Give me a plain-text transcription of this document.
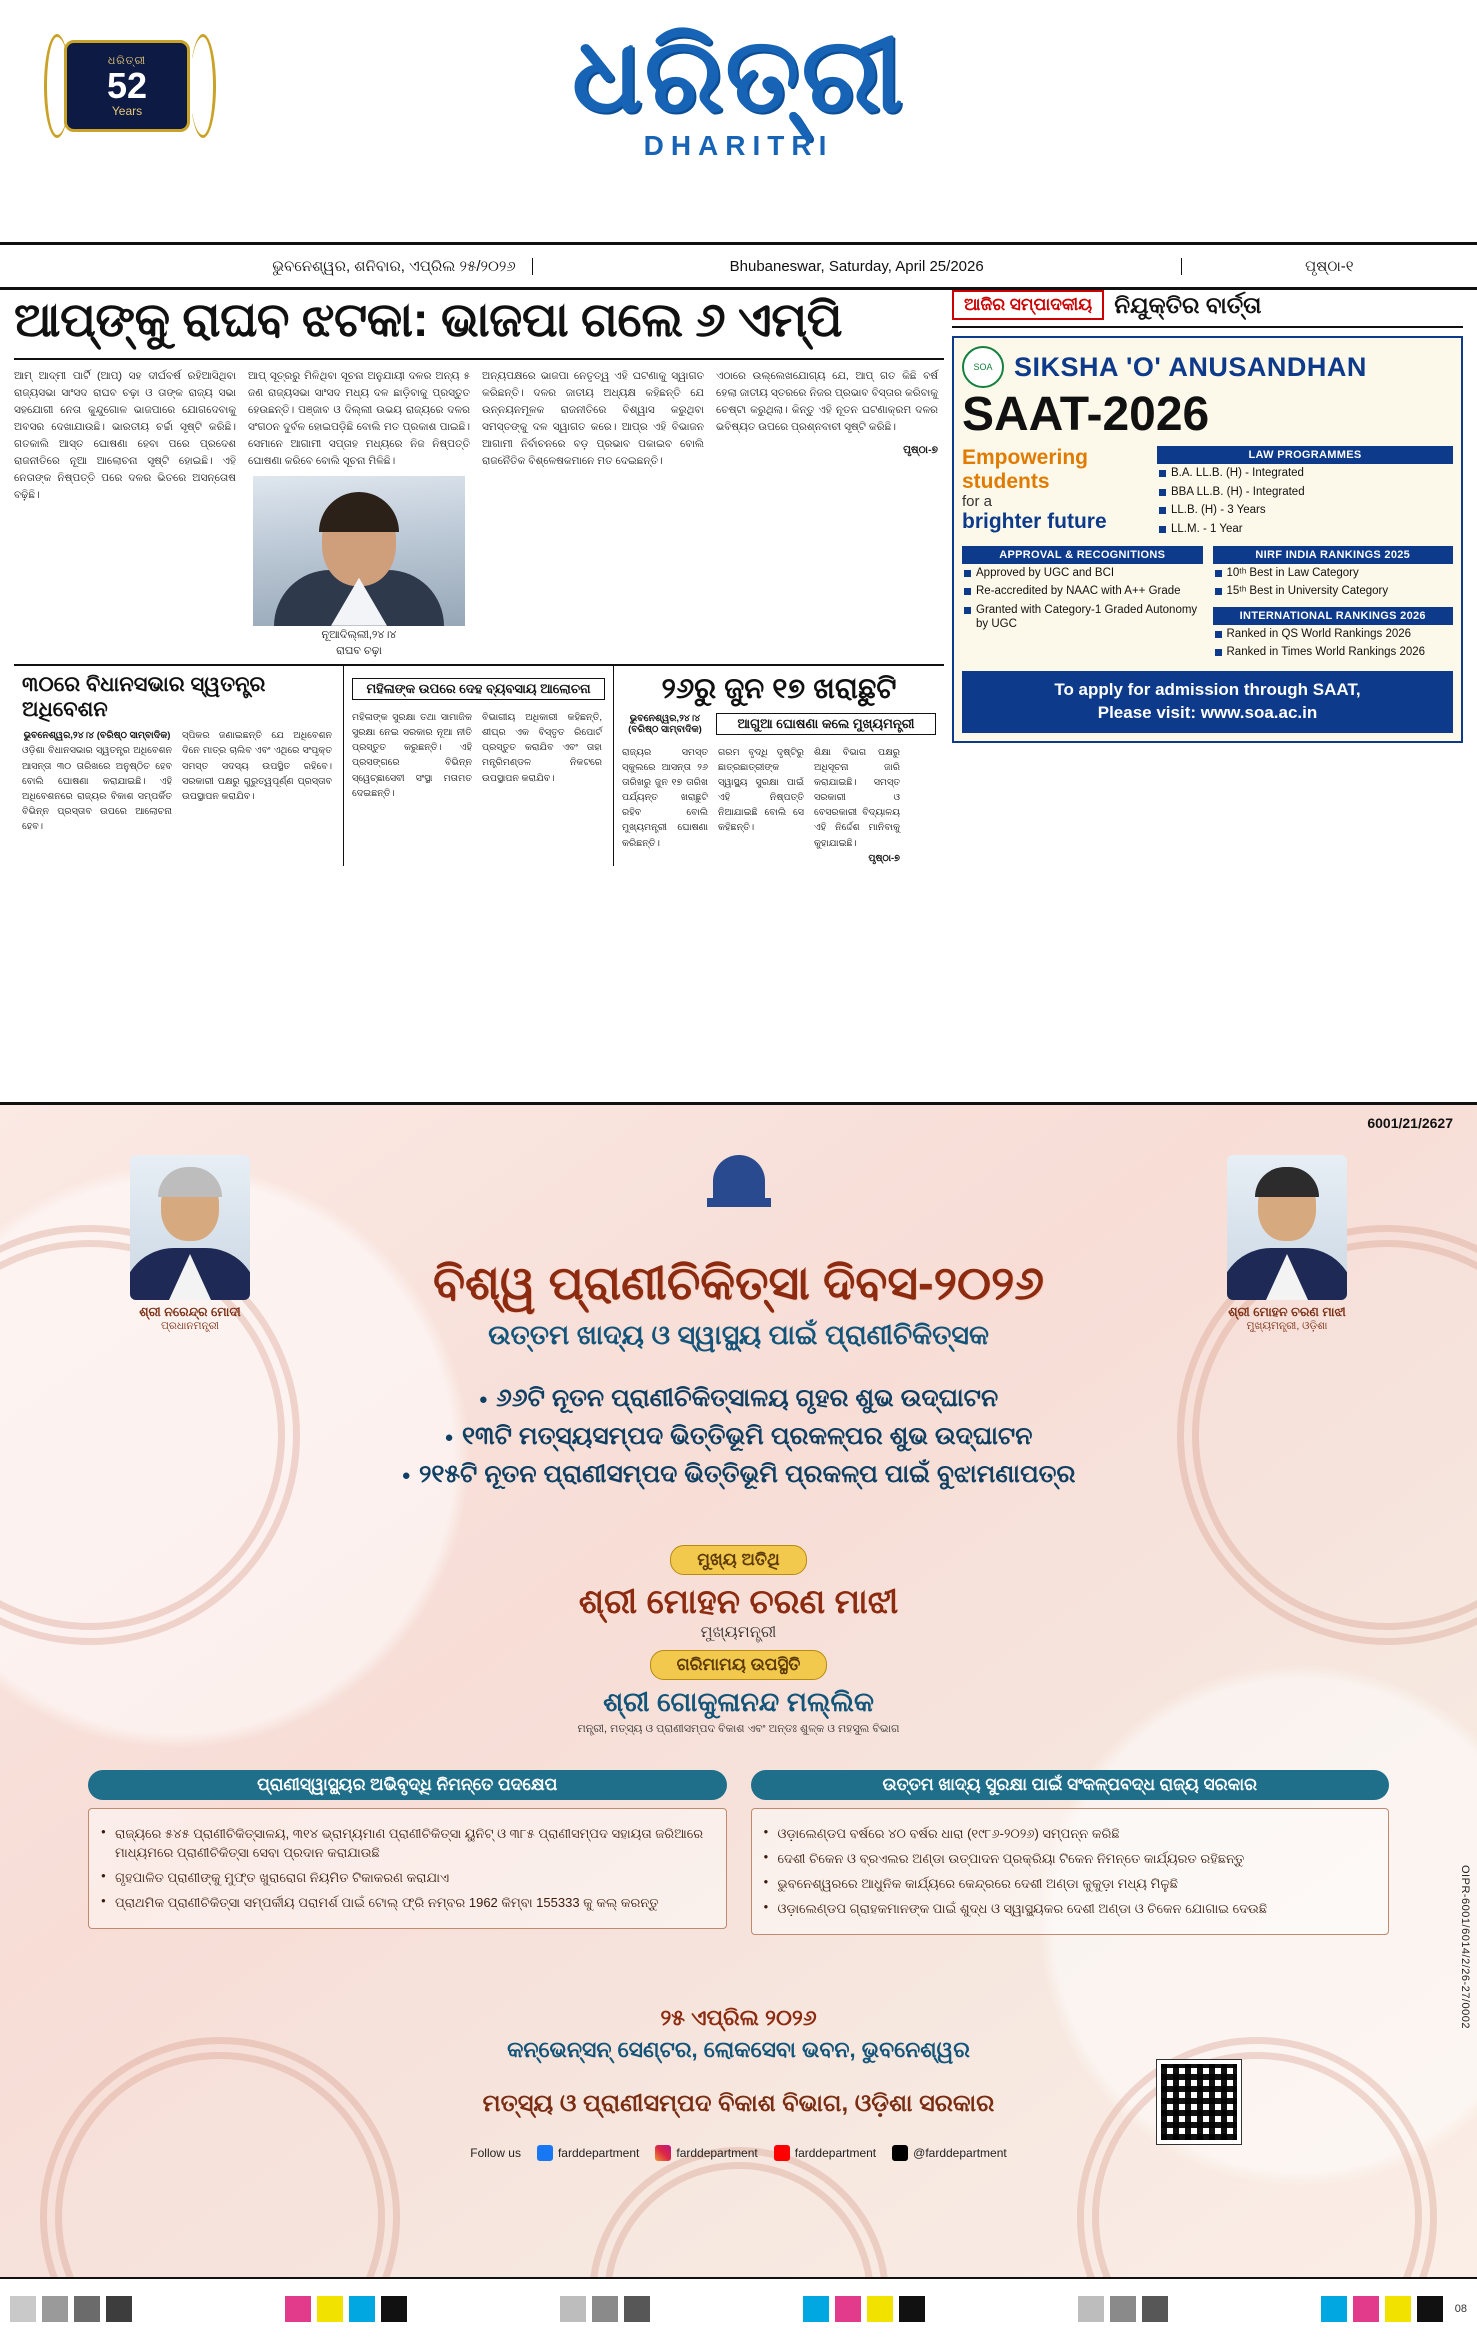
ଧରିତ୍ରୀ
52
Years	ଧରିତ୍ରୀ
DHARITRI
ଭୁବନେଶ୍ୱର, ଶନିବାର, ଏପ୍ରିଲ ୨୫/୨୦୨୬	Bhubaneswar, Saturday, April 25/2026	ପୃଷ୍ଠା-୧
ଆପ୍‌ଙ୍କୁ ରାଘବ ଝଟକା: ଭାଜପା ଗଲେ ୬ ଏମ୍‌ପି

ଆମ୍‌ ଆଦ୍‌ମୀ ପାର୍ଟି (ଆପ୍‌) ସହ ଦୀର୍ଘବର୍ଷ ରହିଆସିଥିବା ରାଜ୍ୟସଭା ସାଂସଦ ରାଘବ ଚଢ଼ା ଓ ତାଙ୍କ ରାଜ୍ୟ ସଭା ସହଯୋଗୀ ନେତା କୁନ୍ଦୁଗୋଳ ଭାଜପାରେ ଯୋଗଦେବାକୁ ଅବସର ଦେଖାଯାଉଛି। ଭାରତୀୟ ଚର୍ଚ୍ଚା ସୃଷ୍ଟି କରିଛି। ଗତକାଲି ଆସ୍ତ ଘୋଷଣା ହେବା ପରେ ପ୍ରଦେଶ ରାଜନୀତିରେ ନୂଆ ଆଲୋଚନା ସୃଷ୍ଟି ହୋଇଛି। ଏହି ନେତାଙ୍କ ନିଷ୍ପତ୍ତି ପରେ ଦଳର ଭିତରେ ଅସନ୍ତୋଷ ବଢ଼ିଛି।

ଆପ୍‌ ସୂତ୍ରରୁ ମିଳିଥିବା ସୂଚନା ଅନୁଯାୟୀ ଦଳର ଅନ୍ୟ ୫ ଜଣ ରାଜ୍ୟସଭା ସାଂସଦ ମଧ୍ୟ ଦଳ ଛାଡ଼ିବାକୁ ପ୍ରସ୍ତୁତ ହେଉଛନ୍ତି। ପଞ୍ଜାବ ଓ ଦିଲ୍ଲୀ ଉଭୟ ରାଜ୍ୟରେ ଦଳର ସଂଗଠନ ଦୁର୍ବଳ ହୋଇପଡ଼ିଛି ବୋଲି ମତ ପ୍ରକାଶ ପାଇଛି। ସେମାନେ ଆଗାମୀ ସପ୍ତାହ ମଧ୍ୟରେ ନିଜ ନିଷ୍ପତ୍ତି ଘୋଷଣା କରିବେ ବୋଲି ସୂଚନା ମିଳିଛି।

ନୂଆଦିଲ୍ଲୀ,୨୪।୪
ରାଘବ ଚଢ଼ା

ଅନ୍ୟପକ୍ଷରେ ଭାଜପା ନେତୃତ୍ୱ ଏହି ଘଟଣାକୁ ସ୍ୱାଗତ କରିଛନ୍ତି। ଦଳର ଜାତୀୟ ଅଧ୍ୟକ୍ଷ କହିଛନ୍ତି ଯେ ଉନ୍ନୟନମୂଳକ ରାଜନୀତିରେ ବିଶ୍ୱାସ କରୁଥିବା ସମସ୍ତଙ୍କୁ ଦଳ ସ୍ୱାଗତ କରେ। ଆପ୍‌ର ଏହି ବିଭାଜନ ଆଗାମୀ ନିର୍ବାଚନରେ ବଡ଼ ପ୍ରଭାବ ପକାଇବ ବୋଲି ରାଜନୈତିକ ବିଶ୍ଳେଷକମାନେ ମତ ଦେଇଛନ୍ତି।

ଏଠାରେ ଉଲ୍ଲେଖଯୋଗ୍ୟ ଯେ, ଆପ୍‌ ଗତ କିଛି ବର୍ଷ ହେଲା ଜାତୀୟ ସ୍ତରରେ ନିଜର ପ୍ରଭାବ ବିସ୍ତାର କରିବାକୁ ଚେଷ୍ଟା କରୁଥିଲା। କିନ୍ତୁ ଏହି ନୂତନ ଘଟଣାକ୍ରମ ଦଳର ଭବିଷ୍ୟତ ଉପରେ ପ୍ରଶ୍ନବାଚୀ ସୃଷ୍ଟି କରିଛି।

ପୃଷ୍ଠା-୭

୩୦ରେ ବିଧାନସଭାର ସ୍ୱତନ୍ତ୍ର ଅଧିବେଶନ
ଭୁବନେଶ୍ୱର,୨୪।୪ (ବରିଷ୍ଠ ସାମ୍ବାଦିକ)
ଓଡ଼ିଶା ବିଧାନସଭାର ସ୍ୱତନ୍ତ୍ର ଅଧିବେଶନ ଆସନ୍ତା ୩୦ ତାରିଖରେ ଅନୁଷ୍ଠିତ ହେବ ବୋଲି ଘୋଷଣା କରାଯାଇଛି। ଏହି ଅଧିବେଶନରେ ରାଜ୍ୟର ବିକାଶ ସମ୍ପର୍କିତ ବିଭିନ୍ନ ପ୍ରସ୍ତାବ ଉପରେ ଆଲୋଚନା ହେବ।
ସ୍ପିକର ଜଣାଇଛନ୍ତି ଯେ ଅଧିବେଶନ ଦିନେ ମାତ୍ର ଚାଲିବ ଏବଂ ଏଥିରେ ସଂପୃକ୍ତ ସମସ୍ତ ସଦସ୍ୟ ଉପସ୍ଥିତ ରହିବେ। ସରକାରୀ ପକ୍ଷରୁ ଗୁରୁତ୍ୱପୂର୍ଣ୍ଣ ପ୍ରସ୍ତାବ ଉପସ୍ଥାପନ କରାଯିବ।
ମହିଳାଙ୍କ ଉପରେ ଦେହ ବ୍ୟବସାୟ ଆଲୋଚନା
ମହିଳାଙ୍କ ସୁରକ୍ଷା ତଥା ସାମାଜିକ ସୁରକ୍ଷା ନେଇ ସରକାର ନୂଆ ନୀତି ପ୍ରସ୍ତୁତ କରୁଛନ୍ତି। ଏହି ପ୍ରସଙ୍ଗରେ ବିଭିନ୍ନ ସ୍ୱେଚ୍ଛାସେବୀ ସଂସ୍ଥା ମତାମତ ଦେଇଛନ୍ତି।
ବିଭାଗୀୟ ଅଧିକାରୀ କହିଛନ୍ତି, ଶୀଘ୍ର ଏକ ବିସ୍ତୃତ ରିପୋର୍ଟ ପ୍ରସ୍ତୁତ କରାଯିବ ଏବଂ ତାହା ମନ୍ତ୍ରିମଣ୍ଡଳ ନିକଟରେ ଉପସ୍ଥାପନ କରାଯିବ।
୨୬ରୁ ଜୁନ ୧୭ ଖରାଛୁଟି
ଭୁବନେଶ୍ୱର,୨୪।୪ (ବରିଷ୍ଠ ସାମ୍ବାଦିକ)	ଆଗୁଆ ଘୋଷଣା କଲେ ମୁଖ୍ୟମନ୍ତ୍ରୀ
ରାଜ୍ୟର ସମସ୍ତ ସ୍କୁଲରେ ଆସନ୍ତା ୨୬ ତାରିଖରୁ ଜୁନ ୧୭ ତାରିଖ ପର୍ଯ୍ୟନ୍ତ ଖରାଛୁଟି ରହିବ ବୋଲି ମୁଖ୍ୟମନ୍ତ୍ରୀ ଘୋଷଣା କରିଛନ୍ତି।
ଗରମ ବୃଦ୍ଧି ଦୃଷ୍ଟିରୁ ଛାତ୍ରଛାତ୍ରୀଙ୍କ ସ୍ୱାସ୍ଥ୍ୟ ସୁରକ୍ଷା ପାଇଁ ଏହି ନିଷ୍ପତ୍ତି ନିଆଯାଇଛି ବୋଲି ସେ କହିଛନ୍ତି।
ଶିକ୍ଷା ବିଭାଗ ପକ୍ଷରୁ ଅଧିସୂଚନା ଜାରି କରାଯାଇଛି। ସମସ୍ତ ସରକାରୀ ଓ ବେସରକାରୀ ବିଦ୍ୟାଳୟ ଏହି ନିର୍ଦ୍ଦେଶ ମାନିବାକୁ କୁହାଯାଇଛି।
ପୃଷ୍ଠା-୭
ଆଜିର ସମ୍ପାଦକୀୟ ନିଯୁକ୍ତିର ବାର୍ତ୍ତା
SOA SIKSHA 'O' ANUSANDHAN
SAAT-2026
Empowering
students
for a
brighter future
LAW PROGRAMMES
B.A. LL.B. (H) - Integrated
BBA LL.B. (H) - Integrated
LL.B. (H) - 3 Years
LL.M. - 1 Year
APPROVAL & RECOGNITIONS
Approved by UGC and BCI
Re-accredited by NAAC with A++ Grade
Granted with Category-1 Graded Autonomy by UGC
NIRF INDIA RANKINGS 2025
10ᵗʰ Best in Law Category
15ᵗʰ Best in University Category
INTERNATIONAL RANKINGS 2026
Ranked in QS World Rankings 2026
Ranked in Times World Rankings 2026
To apply for admission through SAAT,
Please visit: www.soa.ac.in
6001/21/2627
OIPR-6001/6014/2/26-27/0002
ଶ୍ରୀ ନରେନ୍ଦ୍ର ମୋଦୀ
ପ୍ରଧାନମନ୍ତ୍ରୀ
ଶ୍ରୀ ମୋହନ ଚରଣ ମାଝୀ
ମୁଖ୍ୟମନ୍ତ୍ରୀ, ଓଡ଼ିଶା
ବିଶ୍ୱ ପ୍ରାଣୀଚିକିତ୍ସା ଦିବସ-୨୦୨୬
ଉତ୍ତମ ଖାଦ୍ୟ ଓ ସ୍ୱାସ୍ଥ୍ୟ ପାଇଁ ପ୍ରାଣୀଚିକିତ୍ସକ
●  ୬୬ଟି ନୂତନ ପ୍ରାଣୀଚିକିତ୍ସାଳୟ ଗୃହର ଶୁଭ ଉଦ୍‌ଘାଟନ
●  ୧୩ଟି ମତ୍ସ୍ୟସମ୍ପଦ ଭିତ୍ତିଭୂମି ପ୍ରକଳ୍ପର ଶୁଭ ଉଦ୍‌ଘାଟନ
●  ୨୧୫ଟି ନୂତନ ପ୍ରାଣୀସମ୍ପଦ ଭିତ୍ତିଭୂମି ପ୍ରକଳ୍ପ ପାଇଁ ବୁଝାମଣାପତ୍ର
ମୁଖ୍ୟ ଅତିଥି
ଶ୍ରୀ ମୋହନ ଚରଣ ମାଝୀ
ମୁଖ୍ୟମନ୍ତ୍ରୀ
ଗରିମାମୟ ଉପସ୍ଥିତି
ଶ୍ରୀ ଗୋକୁଳାନନ୍ଦ ମଲ୍ଲିକ
ମନ୍ତ୍ରୀ, ମତ୍ସ୍ୟ ଓ ପ୍ରାଣୀସମ୍ପଦ ବିକାଶ ଏବଂ ଅନ୍ତଃ ଶୁଳ୍କ ଓ ମହସୁଲ ବିଭାଗ
ପ୍ରାଣୀସ୍ୱାସ୍ଥ୍ୟର ଅଭିବୃଦ୍ଧି ନିମନ୍ତେ ପଦକ୍ଷେପ
● ରାଜ୍ୟରେ ୫୪୫ ପ୍ରାଣୀଚିକିତ୍ସାଳୟ, ୩୧୪ ଭ୍ରାମ୍ୟମାଣ ପ୍ରାଣୀଚିକିତ୍ସା ୟୁନିଟ୍ ଓ ୩୮୫ ପ୍ରାଣୀସମ୍ପଦ ସହାୟତା ଜରିଆରେ ମାଧ୍ୟମରେ ପ୍ରାଣୀଚିକିତ୍ସା ସେବା ପ୍ରଦାନ କରାଯାଉଛି
● ଗୃହପାଳିତ ପ୍ରାଣୀଙ୍କୁ ମୁଫ୍ତ ଖୁରାରୋଗ ନିୟମିତ ଟିକାକରଣ କରାଯାଏ
● ପ୍ରାଥମିକ ପ୍ରାଣୀଚିକିତ୍ସା ସମ୍ପର୍କୀୟ ପରାମର୍ଶ ପାଇଁ ଟୋଲ୍ ଫ୍ରି ନମ୍ବର 1962 କିମ୍ବା 155333 କୁ କଲ୍ କରନ୍ତୁ
ଉତ୍ତମ ଖାଦ୍ୟ ସୁରକ୍ଷା ପାଇଁ ସଂକଳ୍ପବଦ୍ଧ ରାଜ୍ୟ ସରକାର
● ଓଡ଼ାଲେଣ୍ଡପ ବର୍ଷରେ ୪୦ ବର୍ଷର ଧାରା (୧୯୮୬-୨୦୨୬) ସମ୍ପନ୍ନ କରିଛି
● ଦେଶୀ ଚିକେନ ଓ ବ୍ରଏଲର ଅଣ୍ଡା ଉତ୍ପାଦନ ପ୍ରକ୍ରିୟା ଟିକେନ ନିମନ୍ତେ କାର୍ଯ୍ୟରତ ରହିଛନ୍ତୁ
● ଭୁବନେଶ୍ୱରରେ ଆଧୁନିକ କାର୍ଯ୍ୟରେ କେନ୍ଦ୍ରରେ ଦେଶୀ ଅଣ୍ଡା କୁକୁଡ଼ା ମଧ୍ୟ ମିଳୁଛି
● ଓଡ଼ାଲେଣ୍ଡପ ଗ୍ରାହକମାନଙ୍କ ପାଇଁ ଶୁଦ୍ଧ ଓ ସ୍ୱାସ୍ଥ୍ୟକର ଦେଶୀ ଅଣ୍ଡା ଓ ଚିକେନ ଯୋଗାଇ ଦେଉଛି
୨୫ ଏପ୍ରିଲ ୨୦୨୬
କନ୍‌ଭେନ୍‌ସନ୍‌ ସେଣ୍ଟର, ଲୋକସେବା ଭବନ, ଭୁବନେଶ୍ୱର
ମତ୍ସ୍ୟ ଓ ପ୍ରାଣୀସମ୍ପଦ ବିକାଶ ବିଭାଗ, ଓଡ଼ିଶା ସରକାର
Follow us	farddepartment	farddepartment	farddepartment	@farddepartment
08
